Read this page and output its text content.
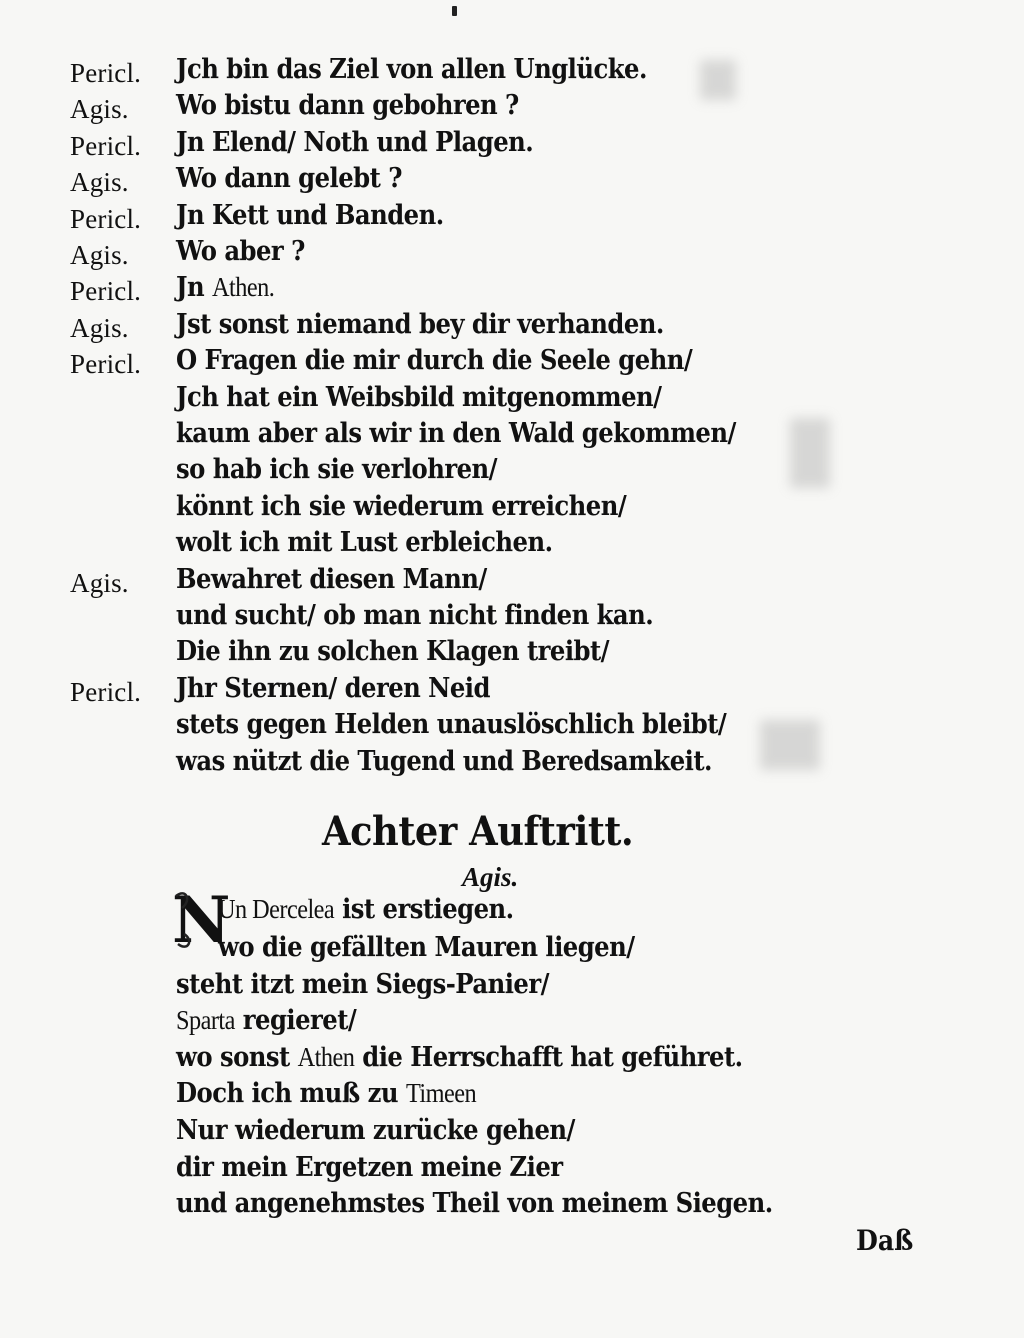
Pericl. Jch bin das Ziel von allen Unglücke.
Agis. Wo bistu dann gebohren ?
Pericl. Jn Elend/ Noth und Plagen.
Agis. Wo dann gelebt ?
Pericl. Jn Kett und Banden.
Agis. Wo aber ?
Pericl. Jn Athen.
Agis. Jst sonst niemand bey dir verhanden.
Pericl. O Fragen die mir durch die Seele gehn/
Jch hat ein Weibsbild mitgenommen/
kaum aber als wir in den Wald gekommen/
so hab ich sie verlohren/
könnt ich sie wiederum erreichen/
wolt ich mit Lust erbleichen.
Agis. Bewahret diesen Mann/
und sucht/ ob man nicht finden kan.
Die ihn zu solchen Klagen treibt/
Pericl. Jhr Sternen/ deren Neid
stets gegen Helden unauslöschlich bleibt/
was nützt die Tugend und Beredsamkeit.
Achter Auftritt.
Agis.
N
Un Dercelea ist erstiegen.
wo die gefällten Mauren liegen/
steht itzt mein Siegs-Panier/
Sparta regieret/
wo sonst Athen die Herrschafft hat geführet.
Doch ich muß zu Timeen
Nur wiederum zurücke gehen/
dir mein Ergetzen meine Zier
und angenehmstes Theil von meinem Siegen.
Daß
